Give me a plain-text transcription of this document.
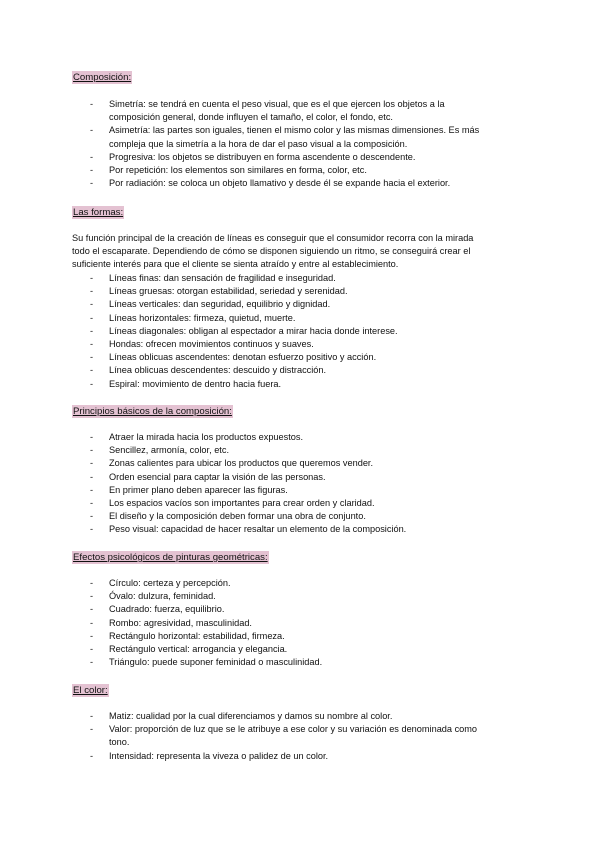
Composición:
-	Simetría: se tendrá en cuenta el peso visual, que es el que ejercen los objetos a la
composición general, donde influyen el tamaño, el color, el fondo, etc.
-	Asimetría: las partes son iguales, tienen el mismo color y las mismas dimensiones. Es más
compleja que la simetría a la hora de dar el paso visual a la composición.
-	Progresiva: los objetos se distribuyen en forma ascendente o descendente.
-	Por repetición: los elementos son similares en forma, color, etc.
-	Por radiación: se coloca un objeto llamativo y desde él se expande hacia el exterior.
Las formas:
Su función principal de la creación de líneas es conseguir que el consumidor recorra con la mirada
todo el escaparate. Dependiendo de cómo se disponen siguiendo un ritmo, se conseguirá crear el
suficiente interés para que el cliente se sienta atraído y entre al establecimiento.
-	Líneas finas: dan sensación de fragilidad e inseguridad.
-	Líneas gruesas: otorgan estabilidad, seriedad y serenidad.
-	Líneas verticales: dan seguridad, equilibrio y dignidad.
-	Líneas horizontales: firmeza, quietud, muerte.
-	Líneas diagonales: obligan al espectador a mirar hacia donde interese.
-	Hondas: ofrecen movimientos continuos y suaves.
-	Líneas oblicuas ascendentes: denotan esfuerzo positivo y acción.
-	Línea oblicuas descendentes: descuido y distracción.
-	Espiral: movimiento de dentro hacia fuera.
Principios básicos de la composición:
-	Atraer la mirada hacia los productos expuestos.
-	Sencillez, armonía, color, etc.
-	Zonas calientes para ubicar los productos que queremos vender.
-	Orden esencial para captar la visión de las personas.
-	En primer plano deben aparecer las figuras.
-	Los espacios vacíos son importantes para crear orden y claridad.
-	El diseño y la composición deben formar una obra de conjunto.
-	Peso visual: capacidad de hacer resaltar un elemento de la composición.
Efectos psicológicos de pinturas geométricas:
-	Círculo: certeza y percepción.
-	Óvalo: dulzura, feminidad.
-	Cuadrado: fuerza, equilibrio.
-	Rombo: agresividad, masculinidad.
-	Rectángulo horizontal: estabilidad, firmeza.
-	Rectángulo vertical: arrogancia y elegancia.
-	Triángulo: puede suponer feminidad o masculinidad.
El color:
-	Matiz: cualidad por la cual diferenciamos y damos su nombre al color.
-	Valor: proporción de luz que se le atribuye a ese color y su variación es denominada como
tono.
-	Intensidad: representa la viveza o palidez de un color.
